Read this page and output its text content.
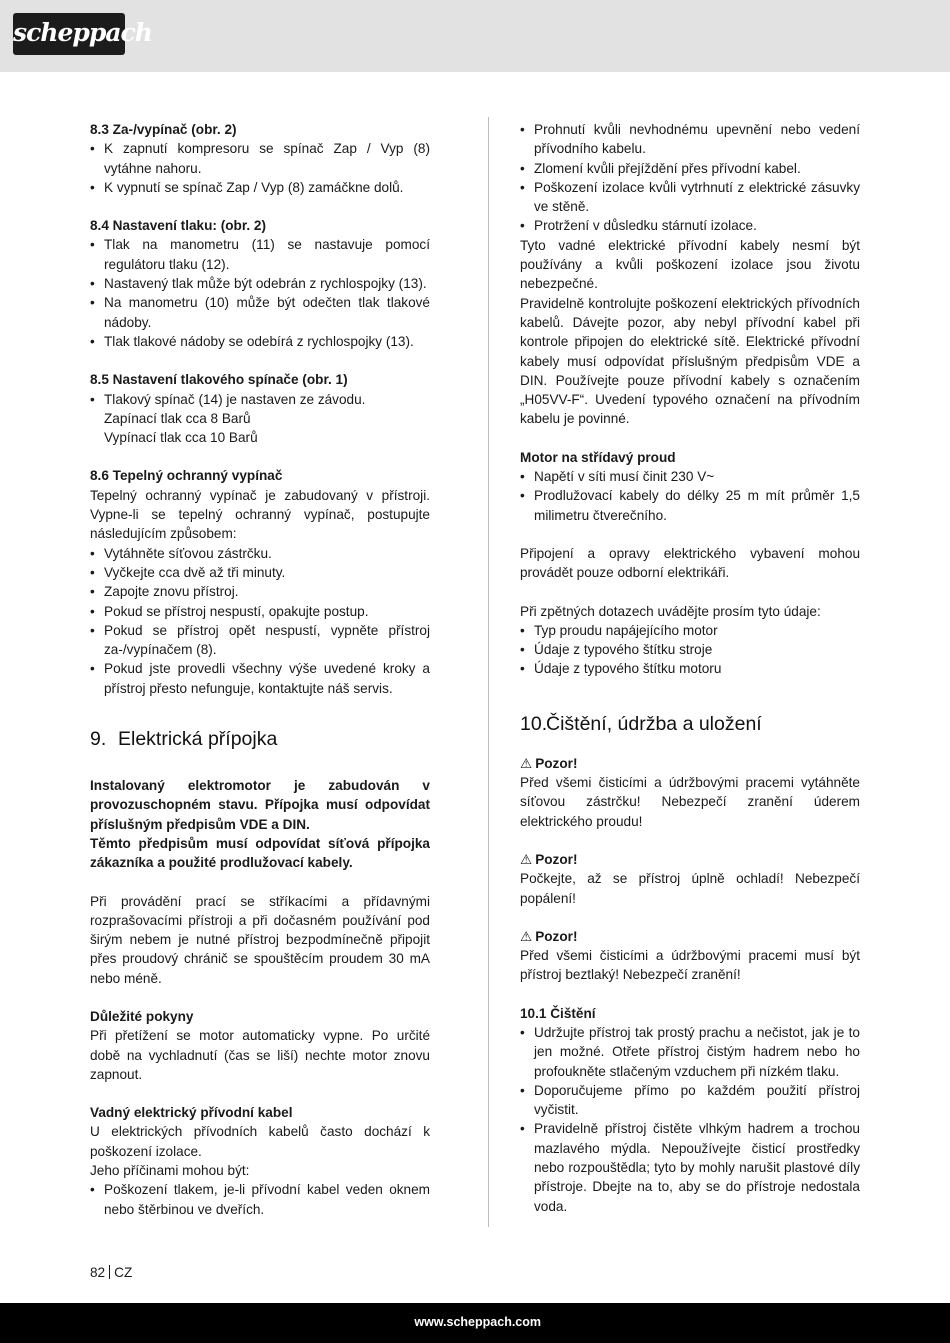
scheppach

8.3 Za-/vypínač (obr. 2)

• K zapnutí kompresoru se spínač Zap / Vyp (8) vytáhne nahoru.
• K vypnutí se spínač Zap / Vyp (8) zamáčkne dolů.

8.4 Nastavení tlaku: (obr. 2)

• Tlak na manometru (11) se nastavuje pomocí regulátoru tlaku (12).
• Nastavený tlak může být odebrán z rychlospojky (13).
• Na manometru (10) může být odečten tlak tlakové nádoby.
• Tlak tlakové nádoby se odebírá z rychlospojky (13).

8.5 Nastavení tlakového spínače (obr. 1)

• Tlakový spínač (14) je nastaven ze závodu.

Zapínací tlak cca 8 Barů

Vypínací tlak cca 10 Barů

8.6 Tepelný ochranný vypínač

Tepelný ochranný vypínač je zabudovaný v přístroji. Vypne-li se tepelný ochranný vypínač, postupujte následujícím způsobem:

• Vytáhněte síťovou zástrčku.
• Vyčkejte cca dvě až tři minuty.
• Zapojte znovu přístroj.
• Pokud se přístroj nespustí, opakujte postup.
• Pokud se přístroj opět nespustí, vypněte přístroj za-/vypínačem (8).
• Pokud jste provedli všechny výše uvedené kroky a přístroj přesto nefunguje, kontaktujte náš servis.

9. Elektrická přípojka

Instalovaný elektromotor je zabudován v provozuschopném stavu. Přípojka musí odpovídat příslušným předpisům VDE a DIN.

Těmto předpisům musí odpovídat síťová přípojka zákazníka a použité prodlužovací kabely.

Při provádění prací se stříkacími a přídavnými rozprašovacími přístroji a při dočasném používání pod širým nebem je nutné přístroj bezpodmínečně připojit přes proudový chránič se spouštěcím proudem 30 mA nebo méně.

Důležité pokyny

Při přetížení se motor automaticky vypne. Po určité době na vychladnutí (čas se liší) nechte motor znovu zapnout.

Vadný elektrický přívodní kabel

U elektrických přívodních kabelů často dochází k poškození izolace.

Jeho příčinami mohou být:

• Poškození tlakem, je-li přívodní kabel veden oknem nebo štěrbinou ve dveřích.
• Prohnutí kvůli nevhodnému upevnění nebo vedení přívodního kabelu.
• Zlomení kvůli přejíždění přes přívodní kabel.
• Poškození izolace kvůli vytrhnutí z elektrické zásuvky ve stěně.
• Protržení v důsledku stárnutí izolace.

Tyto vadné elektrické přívodní kabely nesmí být používány a kvůli poškození izolace jsou životu nebezpečné.

Pravidelně kontrolujte poškození elektrických přívodních kabelů. Dávejte pozor, aby nebyl přívodní kabel při kontrole připojen do elektrické sítě. Elektrické přívodní kabely musí odpovídat příslušným předpisům VDE a DIN. Používejte pouze přívodní kabely s označením „H05VV-F“. Uvedení typového označení na přívodním kabelu je povinné.

Motor na střídavý proud

• Napětí v síti musí činit 230 V~
• Prodlužovací kabely do délky 25 m mít průměr 1,5 milimetru čtverečního.

Připojení a opravy elektrického vybavení mohou provádět pouze odborní elektrikáři.

Při zpětných dotazech uvádějte prosím tyto údaje:

• Typ proudu napájejícího motor
• Údaje z typového štítku stroje
• Údaje z typového štítku motoru

10.Čištění, údržba a uložení

⚠ Pozor!

Před všemi čisticími a údržbovými pracemi vytáhněte síťovou zástrčku! Nebezpečí zranění úderem elektrického proudu!

⚠ Pozor!

Počkejte, až se přístroj úplně ochladí! Nebezpečí popálení!

⚠ Pozor!

Před všemi čisticími a údržbovými pracemi musí být přístroj beztlaký! Nebezpečí zranění!

10.1 Čištění

• Udržujte přístroj tak prostý prachu a nečistot, jak je to jen možné. Otřete přístroj čistým hadrem nebo ho profoukněte stlačeným vzduchem při nízkém tlaku.
• Doporučujeme přímo po každém použití přístroj vyčistit.
• Pravidelně přístroj čistěte vlhkým hadrem a trochou mazlavého mýdla. Nepoužívejte čisticí prostředky nebo rozpouštědla; tyto by mohly narušit plastové díly přístroje. Dbejte na to, aby se do přístroje nedostala voda.
82 CZ
www.scheppach.com
